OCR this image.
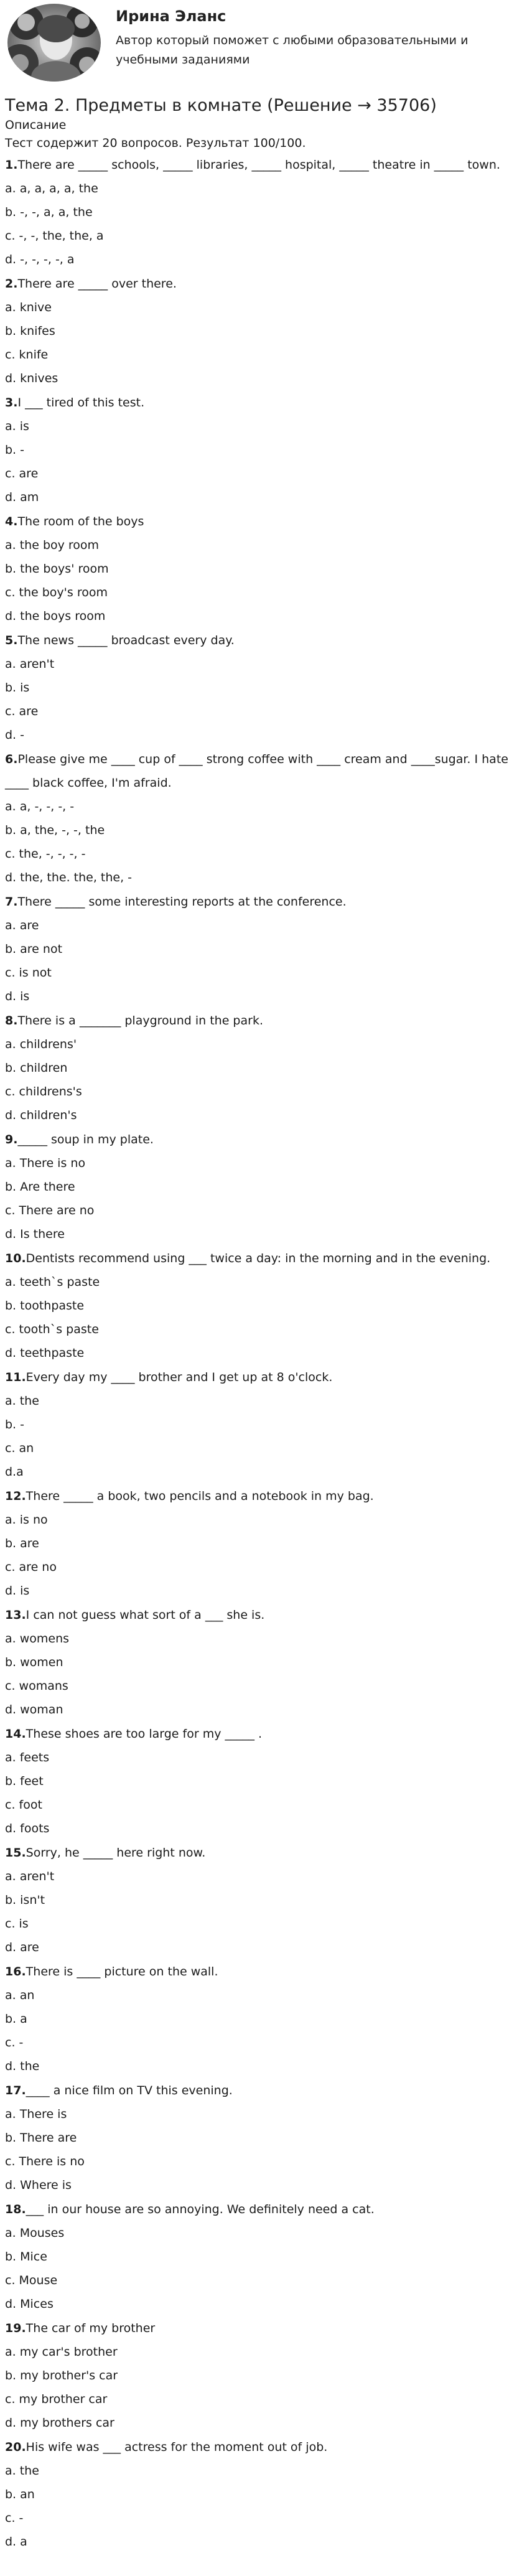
Ирина Эланс
Автор который поможет с любыми образовательными и учебными заданиями
Тема 2. Предметы в комнате (Решение → 35706)
Описание
Тест содержит 20 вопросов. Результат 100/100.
1.There are _____ schools, _____ libraries, _____ hospital, _____ theatre in _____ town.
a. a, a, a, a, the
b. -, -, a, a, the
c. -, -, the, the, a
d. -, -, -, -, a
2.There are _____ over there.
a. knive
b. knifes
c. knife
d. knives
3.I ___ tired of this test.
a. is
b. -
c. are
d. am
4.The room of the boys
a. the boy room
b. the boys' room
c. the boy's room
d. the boys room
5.The news _____ broadcast every day.
a. aren't
b. is
c. are
d. -
6.Please give me ____ cup of ____ strong coffee with ____ cream and ____sugar. I hate ____ black coffee, I'm afraid.
a. a, -, -, -, -
b. a, the, -, -, the
c. the, -, -, -, -
d. the, the. the, the, -
7.There _____ some interesting reports at the conference.
a. are
b. are not
c. is not
d. is
8.There is a _______ playground in the park.
a. childrens'
b. children
c. childrens's
d. children's
9._____ soup in my plate.
a. There is no
b. Are there
c. There are no
d. Is there
10.Dentists recommend using ___ twice a day: in the morning and in the evening.
a. teeth`s paste
b. toothpaste
c. tooth`s paste
d. teethpaste
11.Every day my ____ brother and I get up at 8 o'clock.
a. the
b. -
c. an
d.a
12.There _____ a book, two pencils and a notebook in my bag.
a. is no
b. are
c. are no
d. is
13.I can not guess what sort of a ___ she is.
a. womens
b. women
c. womans
d. woman
14.These shoes are too large for my _____ .
a. feets
b. feet
c. foot
d. foots
15.Sorry, he _____ here right now.
a. aren't
b. isn't
c. is
d. are
16.There is ____ picture on the wall.
a. an
b. a
c. -
d. the
17.____ a nice film on TV this evening.
a. There is
b. There are
c. There is no
d. Where is
18.___ in our house are so annoying. We definitely need a cat.
a. Mouses
b. Mice
c. Mouse
d. Mices
19.The car of my brother
a. my car's brother
b. my brother's car
c. my brother car
d. my brothers car
20.His wife was ___ actress for the moment out of job.
a. the
b. an
c. -
d. a
